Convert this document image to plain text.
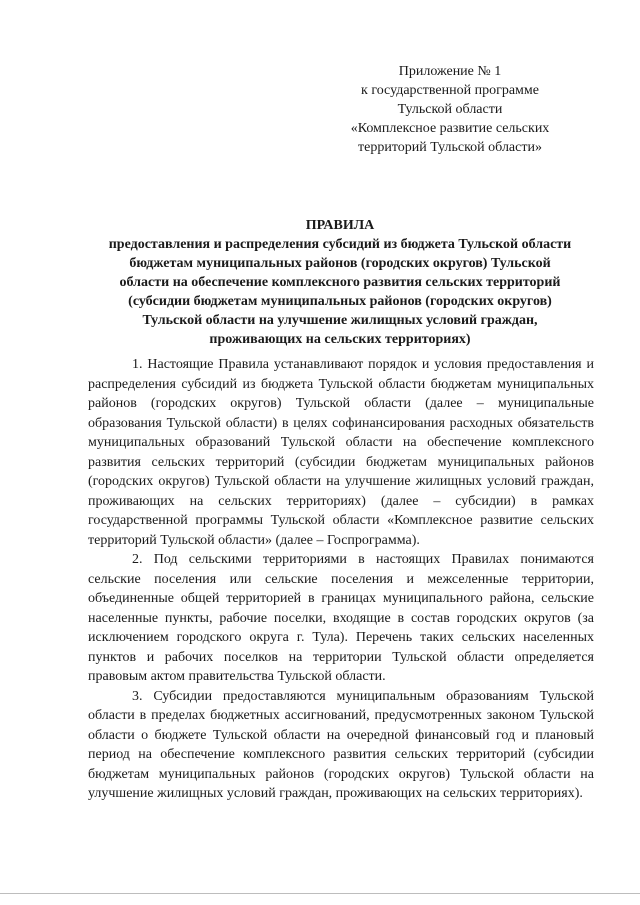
Приложение № 1
к государственной программе
Тульской области
«Комплексное развитие сельских
территорий Тульской области»
ПРАВИЛА
предоставления и распределения субсидий из бюджета Тульской области
бюджетам муниципальных районов (городских округов) Тульской
области на обеспечение комплексного развития сельских территорий
(субсидии бюджетам муниципальных районов (городских округов)
Тульской области на улучшение жилищных условий граждан,
проживающих на сельских территориях)

1. Настоящие Правила устанавливают порядок и условия предоставления и распределения субсидий из бюджета Тульской области бюджетам муниципальных районов (городских округов) Тульской области (далее – муниципальные образования Тульской области) в целях софинансирования расходных обязательств муниципальных образований Тульской области на обеспечение комплексного развития сельских территорий (субсидии бюджетам муниципальных районов (городских округов) Тульской области на улучшение жилищных условий граждан, проживающих на сельских территориях) (далее – субсидии) в рамках государственной программы Тульской области «Комплексное развитие сельских территорий Тульской области» (далее – Госпрограмма).

2. Под сельскими территориями в настоящих Правилах понимаются сельские поселения или сельские поселения и межселенные территории, объединенные общей территорией в границах муниципального района, сельские населенные пункты, рабочие поселки, входящие в состав городских округов (за исключением городского округа г. Тула). Перечень таких сельских населенных пунктов и рабочих поселков на территории Тульской области определяется правовым актом правительства Тульской области.

3. Субсидии предоставляются муниципальным образованиям Тульской области в пределах бюджетных ассигнований, предусмотренных законом Тульской области о бюджете Тульской области на очередной финансовый год и плановый период на обеспечение комплексного развития сельских территорий (субсидии бюджетам муниципальных районов (городских округов) Тульской области на улучшение жилищных условий граждан, проживающих на сельских территориях).
